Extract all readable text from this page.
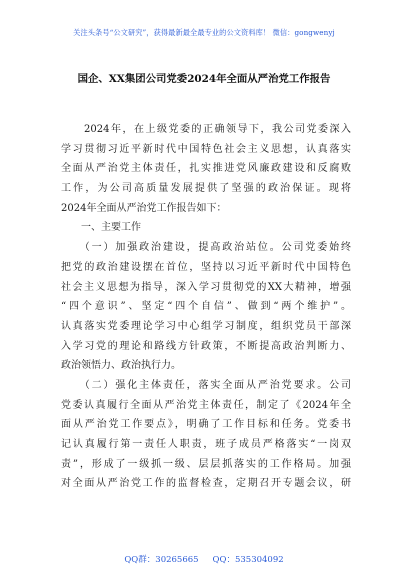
关注头条号“公文研究”，获得最新最全最专业的公文资料库！ 微信：gongwenyj
国企、XX集团公司党委2024年全面从严治党工作报告
　　2024年，在上级党委的正确领导下，我公司党委深入
学习贯彻习近平新时代中国特色社会主义思想，认真落实
全面从严治党主体责任，扎实推进党风廉政建设和反腐败
工作，为公司高质量发展提供了坚强的政治保证。现将
2024年全面从严治党工作报告如下：
　　一、主要工作
　　（一）加强政治建设，提高政治站位。公司党委始终
把党的政治建设摆在首位，坚持以习近平新时代中国特色
社会主义思想为指导，深入学习贯彻党的XX大精神，增强
“四个意识”、坚定“四个自信”、做到“两个维护”。
认真落实党委理论学习中心组学习制度，组织党员干部深
入学习党的理论和路线方针政策，不断提高政治判断力、
政治领悟力、政治执行力。
　　（二）强化主体责任，落实全面从严治党要求。公司
党委认真履行全面从严治党主体责任，制定了《2024年全
面从严治党工作要点》，明确了工作目标和任务。党委书
记认真履行第一责任人职责，班子成员严格落实“一岗双
责”，形成了一级抓一级、层层抓落实的工作格局。加强
对全面从严治党工作的监督检查，定期召开专题会议，研
QQ群：30265665 QQ：535304092
